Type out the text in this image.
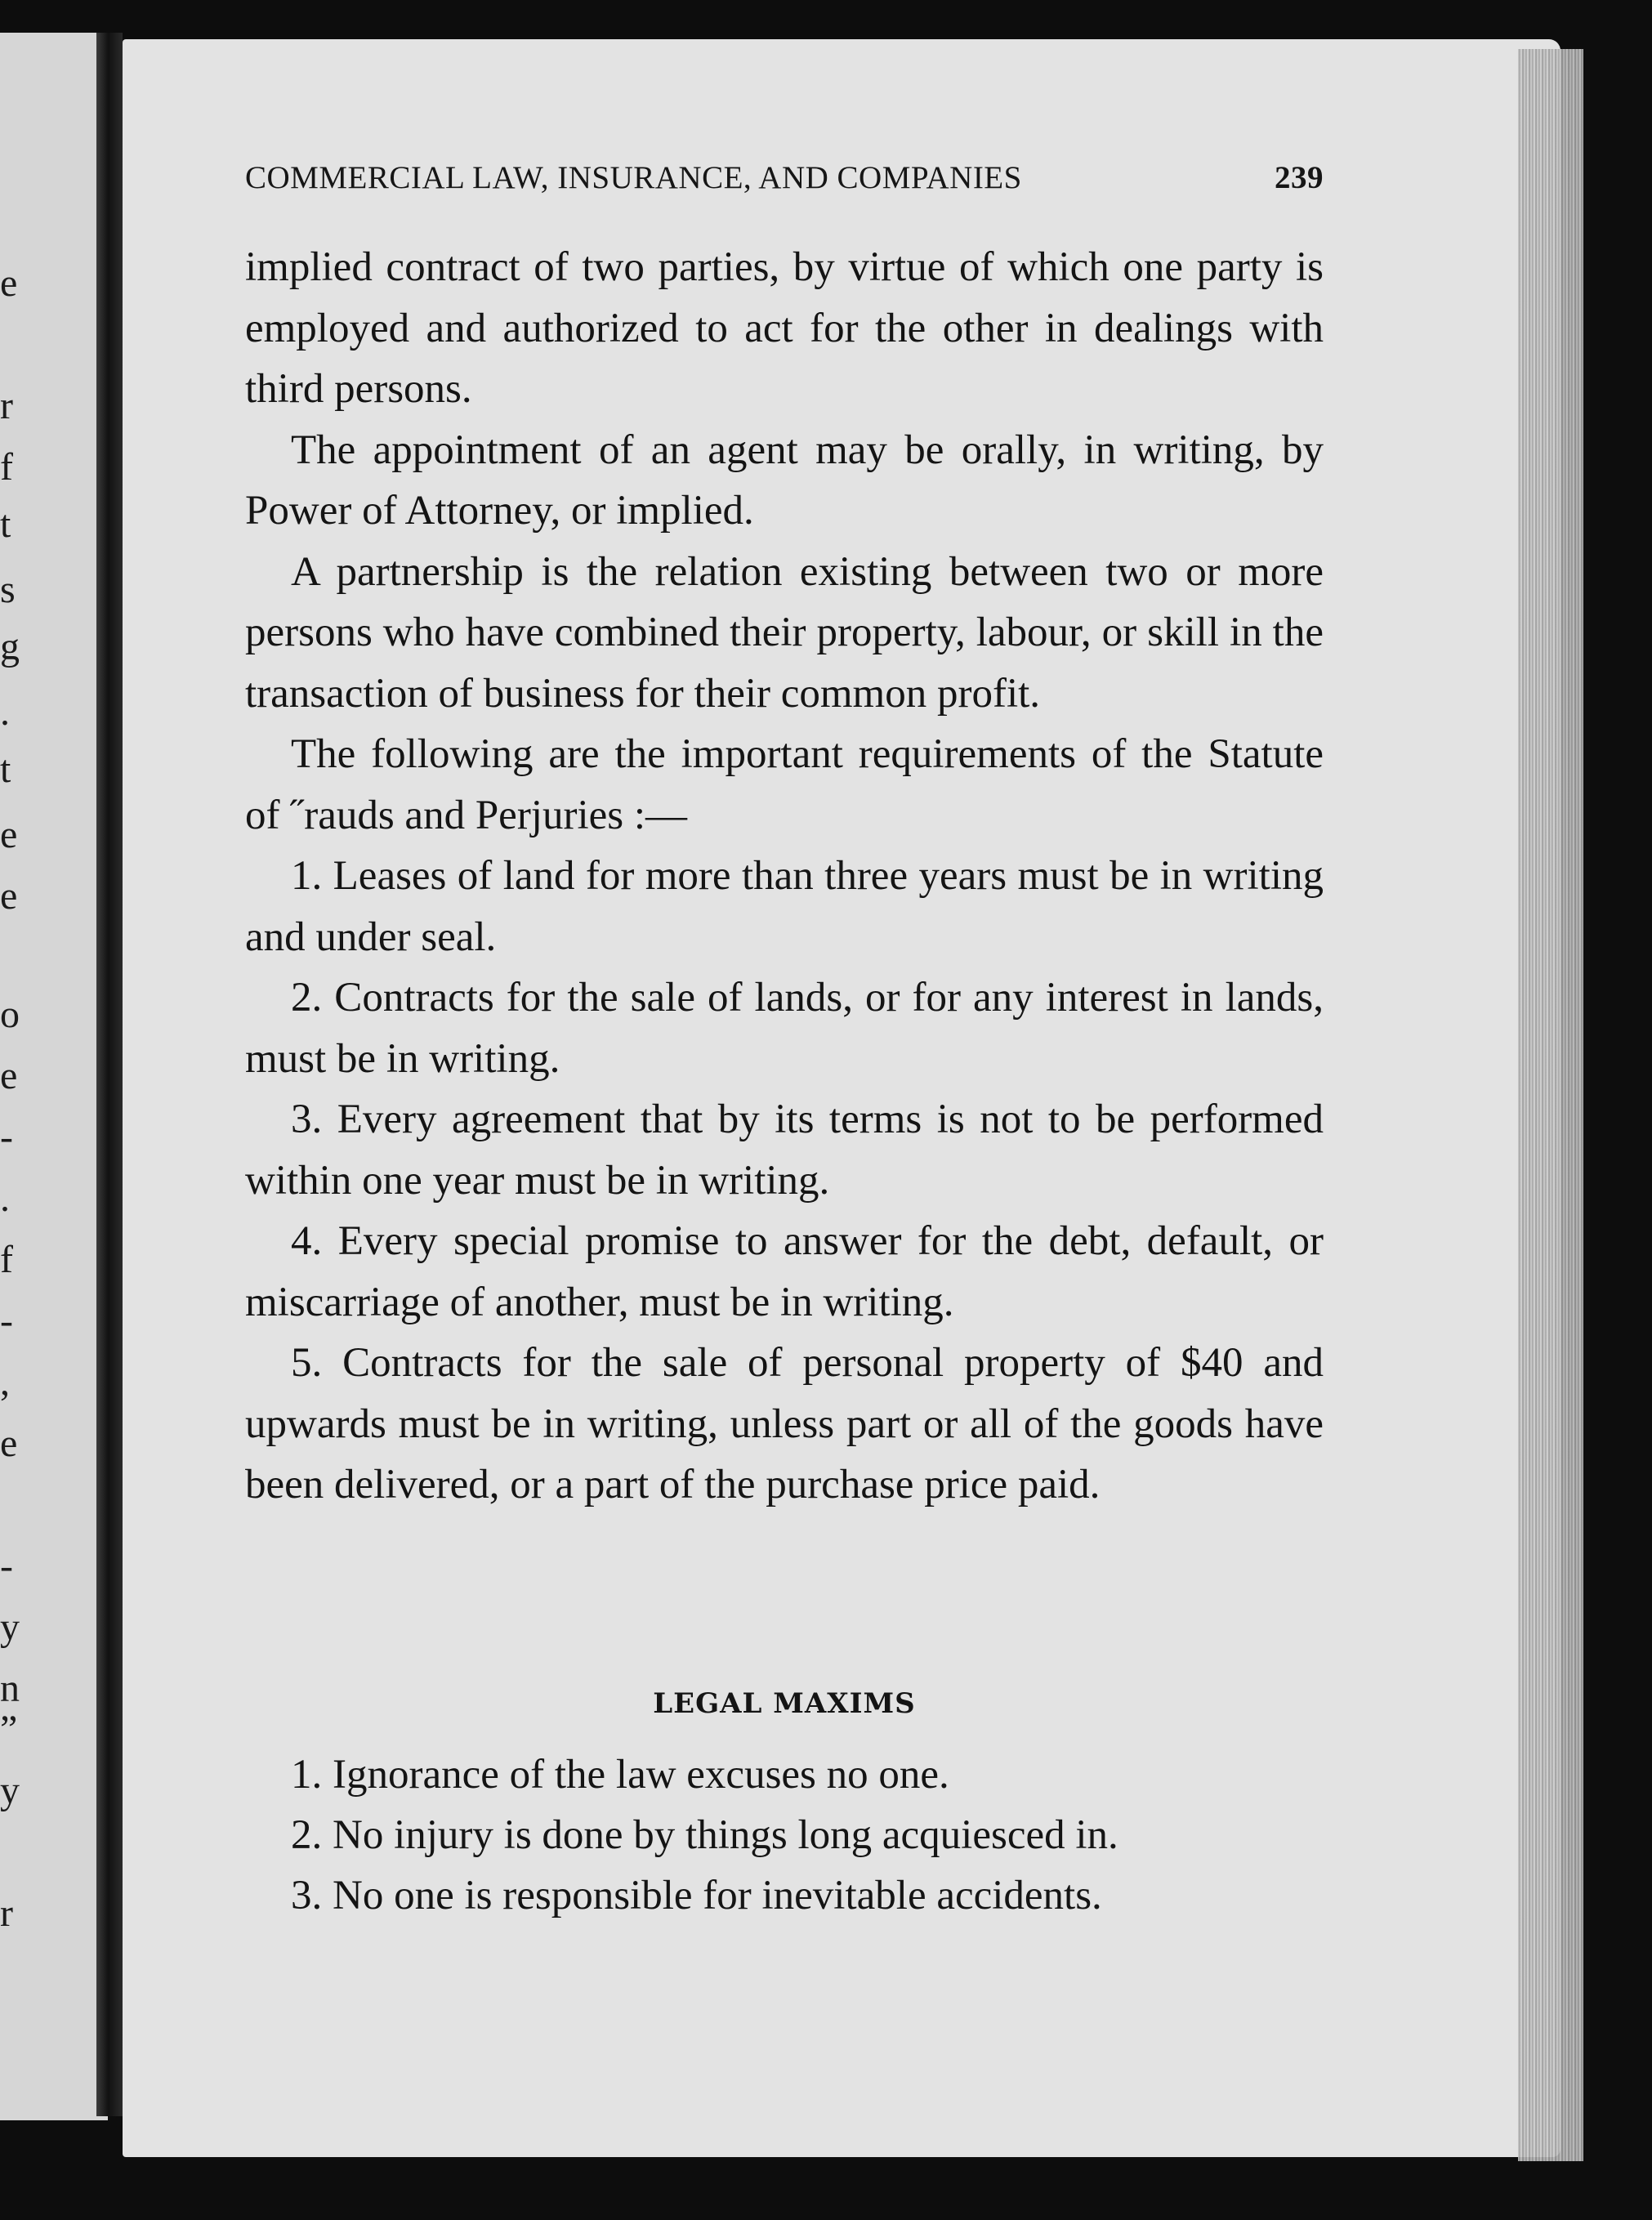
e
r
f
t
s
g
.
t
e
e
o
e
-
.
f
-
,
e
-
y
n
”
y
r
COMMERCIAL LAW, INSURANCE, AND COMPANIES	239

implied contract of two parties, by virtue of which one party is employed and authorized to act for the other in dealings with third persons.

The appointment of an agent may be orally, in writing, by Power of Attorney, or implied.

A partnership is the relation existing between two or more persons who have combined their property, labour, or skill in the transaction of business for their common profit.

The following are the important requirements of the Statute of ˝rauds and Perjuries :—

1. Leases of land for more than three years must be in writing and under seal.

2. Contracts for the sale of lands, or for any interest in lands, must be in writing.

3. Every agreement that by its terms is not to be performed within one year must be in writing.

4. Every special promise to answer for the debt, default, or miscarriage of another, must be in writing.

5. Contracts for the sale of personal property of $40 and upwards must be in writing, unless part or all of the goods have been delivered, or a part of the purchase price paid.

LEGAL MAXIMS
1. Ignorance of the law excuses no one.
2. No injury is done by things long acquiesced in.
3. No one is responsible for inevitable accidents.
